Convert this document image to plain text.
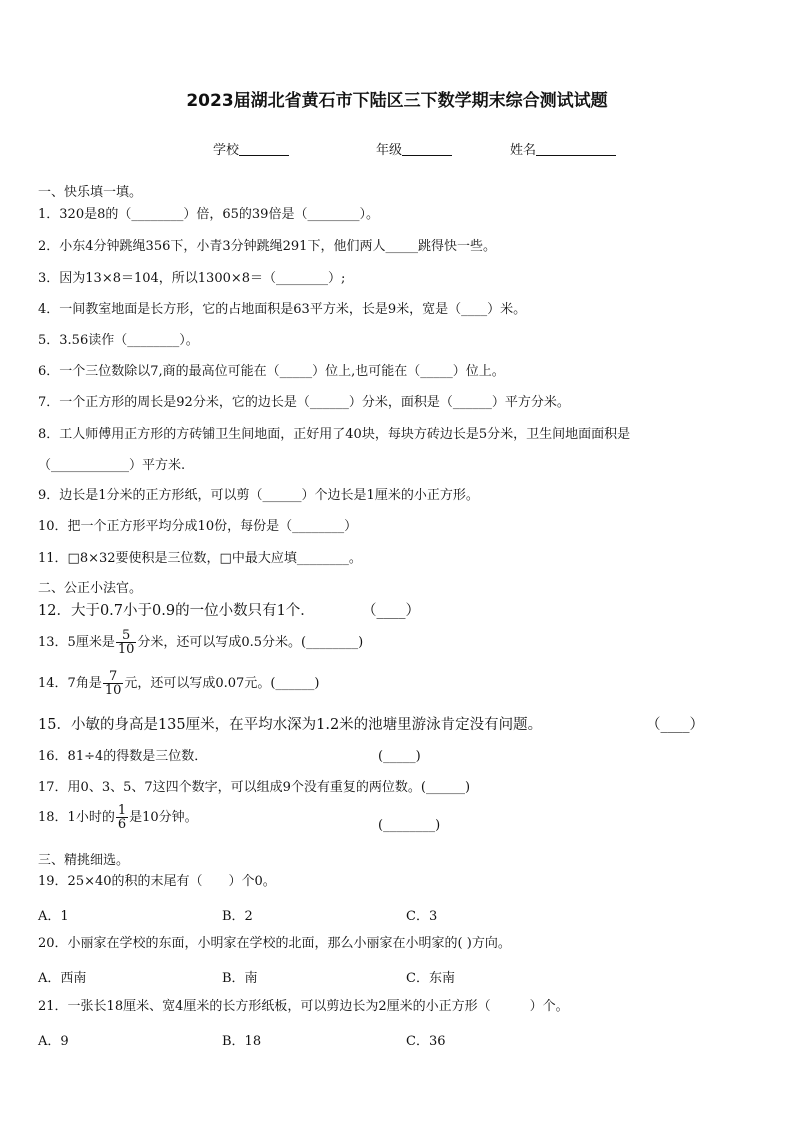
2023届湖北省黄石市下陆区三下数学期末综合测试试题
学校	年级	姓名
一、快乐填一填。
1．320是8的（________）倍，65的39倍是（________）。
2．小东4分钟跳绳356下，小青3分钟跳绳291下，他们两人_____跳得快一些。
3．因为13×8＝104，所以1300×8＝（________）;
4．一间教室地面是长方形，它的占地面积是63平方米，长是9米，宽是（____）米。
5．3.56读作（________）。
6．一个三位数除以7,商的最高位可能在（_____）位上,也可能在（_____）位上。
7．一个正方形的周长是92分米，它的边长是（______）分米，面积是（______）平方分米。
8．工人师傅用正方形的方砖铺卫生间地面，正好用了40块，每块方砖边长是5分米，卫生间地面面积是
（____________）平方米.
9．边长是1分米的正方形纸，可以剪（______）个边长是1厘米的小正方形。
10．把一个正方形平均分成10份，每份是（________）
11．□8×32要使积是三位数，□中最大应填________。
二、公正小法官。
12．大于0.7小于0.9的一位小数只有1个．	（____）
13．5厘米是 $\frac{5}{10}$ 分米，还可以写成0.5分米。(________)
14．7角是 $\frac{7}{10}$ 元，还可以写成0.07元。(______)
15．小敏的身高是135厘米，在平均水深为1.2米的池塘里游泳肯定没有问题。	（____）
16．81÷4的得数是三位数．	(_____)
17．用0、3、5、7这四个数字，可以组成9个没有重复的两位数。(______)
18．1小时的 $\frac{1}{6}$ 是10分钟。
(________)
三、精挑细选。
19．25×40的积的末尾有（　　）个0。
A．1	B．2	C．3
20．小丽家在学校的东面，小明家在学校的北面，那么小丽家在小明家的( )方向。
A．西南	B．南	C．东南
21．一张长18厘米、宽4厘米的长方形纸板，可以剪边长为2厘米的小正方形（　　　）个。
A．9	B．18	C．36
